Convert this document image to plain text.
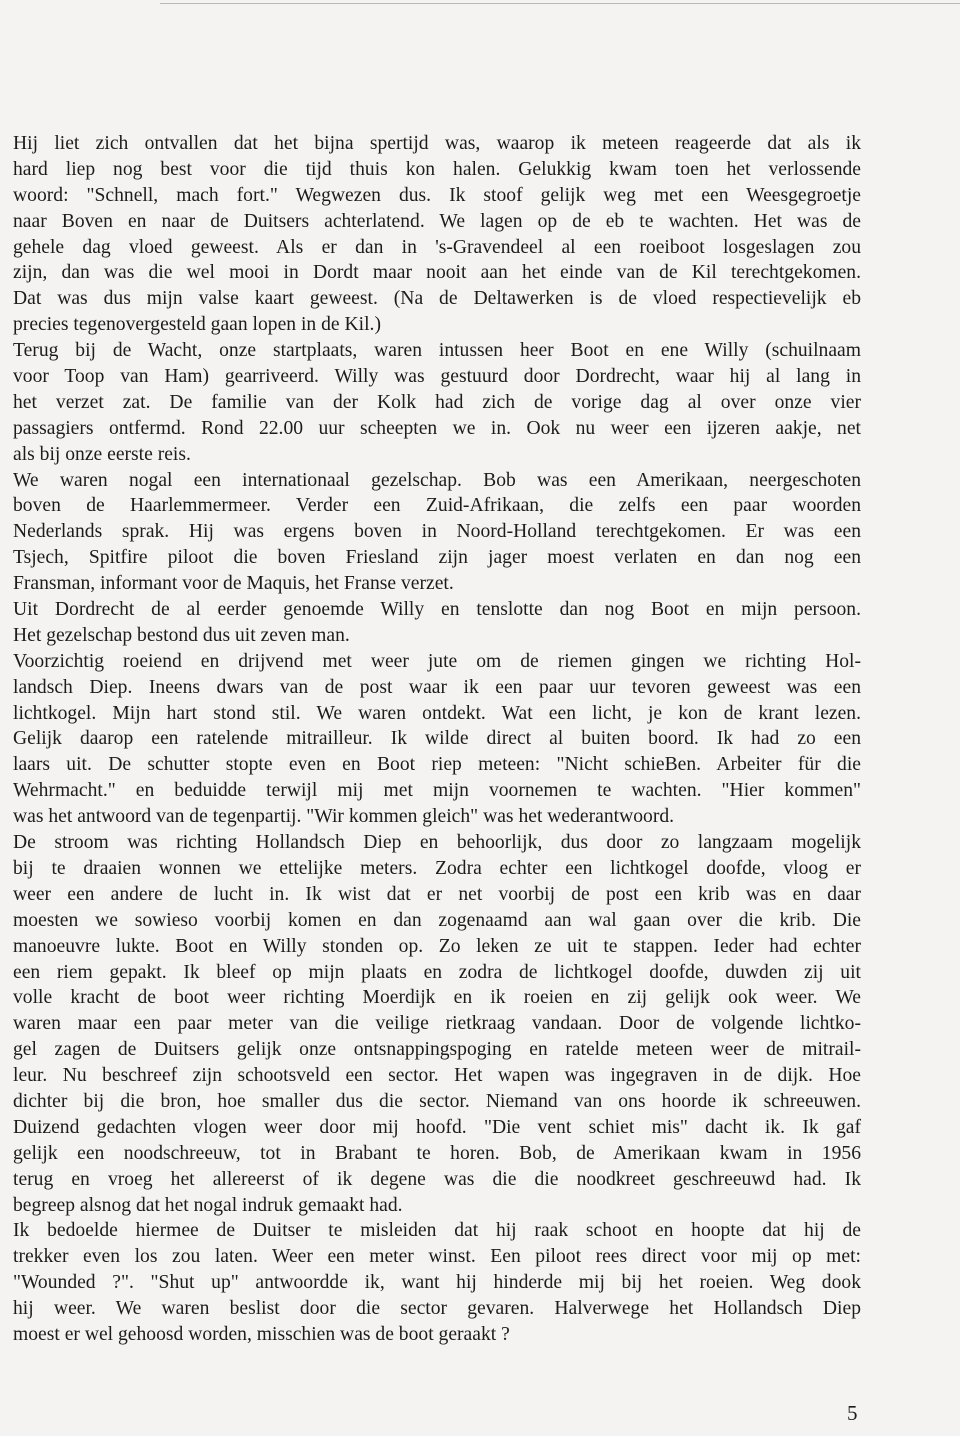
Hij liet zich ontvallen dat het bijna spertijd was, waarop ik meteen reageerde dat als ik
hard liep nog best voor die tijd thuis kon halen. Gelukkig kwam toen het verlossende
woord: "Schnell, mach fort." Wegwezen dus. Ik stoof gelijk weg met een Weesgegroetje
naar Boven en naar de Duitsers achterlatend. We lagen op de eb te wachten. Het was de
gehele dag vloed geweest. Als er dan in 's-Gravendeel al een roeiboot losgeslagen zou
zijn, dan was die wel mooi in Dordt maar nooit aan het einde van de Kil terechtgekomen.
Dat was dus mijn valse kaart geweest. (Na de Deltawerken is de vloed respectievelijk eb
precies tegenovergesteld gaan lopen in de Kil.)
Terug bij de Wacht, onze startplaats, waren intussen heer Boot en ene Willy (schuilnaam
voor Toop van Ham) gearriveerd. Willy was gestuurd door Dordrecht, waar hij al lang in
het verzet zat. De familie van der Kolk had zich de vorige dag al over onze vier
passagiers ontfermd. Rond 22.00 uur scheepten we in. Ook nu weer een ijzeren aakje, net
als bij onze eerste reis.
We waren nogal een internationaal gezelschap. Bob was een Amerikaan, neergeschoten
boven de Haarlemmermeer. Verder een Zuid-Afrikaan, die zelfs een paar woorden
Nederlands sprak. Hij was ergens boven in Noord-Holland terechtgekomen. Er was een
Tsjech, Spitfire piloot die boven Friesland zijn jager moest verlaten en dan nog een
Fransman, informant voor de Maquis, het Franse verzet.
Uit Dordrecht de al eerder genoemde Willy en tenslotte dan nog Boot en mijn persoon.
Het gezelschap bestond dus uit zeven man.
Voorzichtig roeiend en drijvend met weer jute om de riemen gingen we richting Hol-
landsch Diep. Ineens dwars van de post waar ik een paar uur tevoren geweest was een
lichtkogel. Mijn hart stond stil. We waren ontdekt. Wat een licht, je kon de krant lezen.
Gelijk daarop een ratelende mitrailleur. Ik wilde direct al buiten boord. Ik had zo een
laars uit. De schutter stopte even en Boot riep meteen: "Nicht schieBen. Arbeiter für die
Wehrmacht." en beduidde terwijl mij met mijn voornemen te wachten. "Hier kommen"
was het antwoord van de tegenpartij. "Wir kommen gleich" was het wederantwoord.
De stroom was richting Hollandsch Diep en behoorlijk, dus door zo langzaam mogelijk
bij te draaien wonnen we ettelijke meters. Zodra echter een lichtkogel doofde, vloog er
weer een andere de lucht in. Ik wist dat er net voorbij de post een krib was en daar
moesten we sowieso voorbij komen en dan zogenaamd aan wal gaan over die krib. Die
manoeuvre lukte. Boot en Willy stonden op. Zo leken ze uit te stappen. Ieder had echter
een riem gepakt. Ik bleef op mijn plaats en zodra de lichtkogel doofde, duwden zij uit
volle kracht de boot weer richting Moerdijk en ik roeien en zij gelijk ook weer. We
waren maar een paar meter van die veilige rietkraag vandaan. Door de volgende lichtko-
gel zagen de Duitsers gelijk onze ontsnappingspoging en ratelde meteen weer de mitrail-
leur. Nu beschreef zijn schootsveld een sector. Het wapen was ingegraven in de dijk. Hoe
dichter bij die bron, hoe smaller dus die sector. Niemand van ons hoorde ik schreeuwen.
Duizend gedachten vlogen weer door mij hoofd. "Die vent schiet mis" dacht ik. Ik gaf
gelijk een noodschreeuw, tot in Brabant te horen. Bob, de Amerikaan kwam in 1956
terug en vroeg het allereerst of ik degene was die die noodkreet geschreeuwd had. Ik
begreep alsnog dat het nogal indruk gemaakt had.
Ik bedoelde hiermee de Duitser te misleiden dat hij raak schoot en hoopte dat hij de
trekker even los zou laten. Weer een meter winst. Een piloot rees direct voor mij op met:
"Wounded ?". "Shut up" antwoordde ik, want hij hinderde mij bij het roeien. Weg dook
hij weer. We waren beslist door die sector gevaren. Halverwege het Hollandsch Diep
moest er wel gehoosd worden, misschien was de boot geraakt ?
5
